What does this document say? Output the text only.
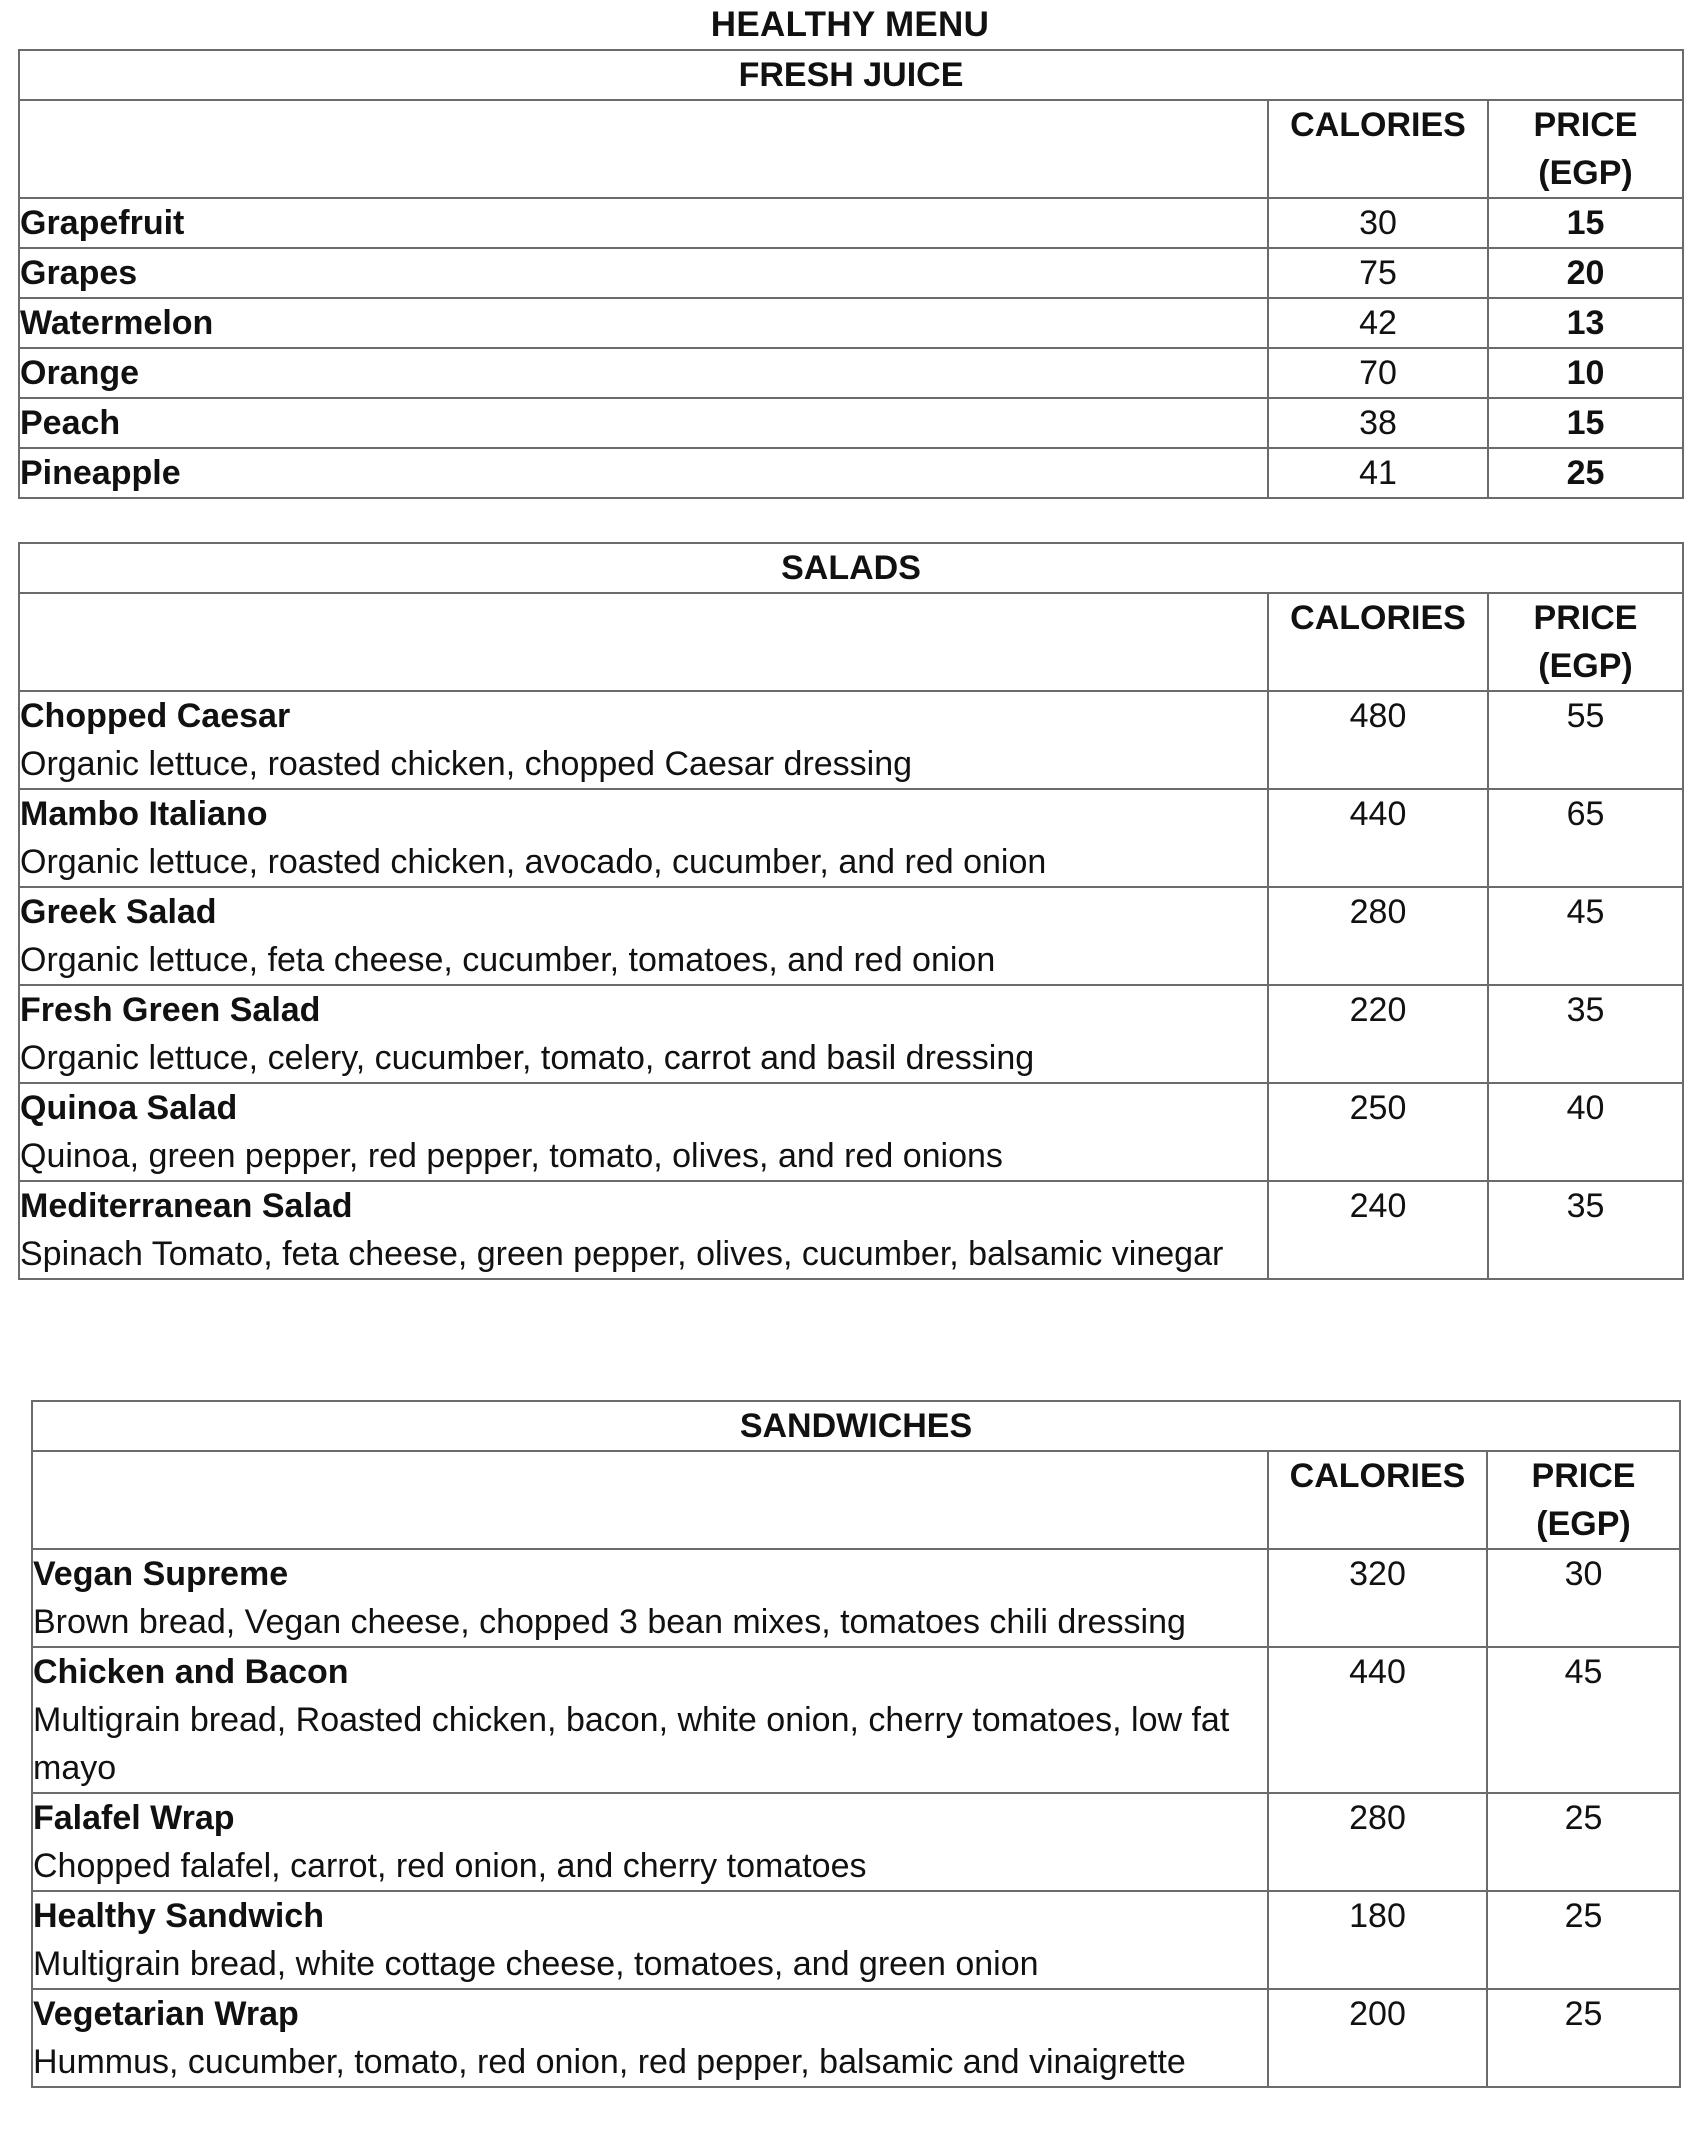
HEALTHY MENU
FRESH JUICE		
	CALORIES	PRICE
(EGP)
Grapefruit	30	15
Grapes	75	20
Watermelon	42	13
Orange	70	10
Peach	38	15
Pineapple	41	25
SALADS		
	CALORIES	PRICE
(EGP)

Chopped Caesar
Organic lettuce, roasted chicken, chopped Caesar dressing	480	55

Mambo Italiano
Organic lettuce, roasted chicken, avocado, cucumber, and red onion	440	65

Greek Salad
Organic lettuce, feta cheese, cucumber, tomatoes, and red onion	280	45

Fresh Green Salad
Organic lettuce, celery, cucumber, tomato, carrot and basil dressing	220	35

Quinoa Salad
Quinoa, green pepper, red pepper, tomato, olives, and red onions	250	40

Mediterranean Salad
Spinach Tomato, feta cheese, green pepper, olives, cucumber, balsamic vinegar	240	35
SANDWICHES		
	CALORIES	PRICE
(EGP)

Vegan Supreme
Brown bread, Vegan cheese, chopped 3 bean mixes, tomatoes chili dressing	320	30

Chicken and Bacon
Multigrain bread, Roasted chicken, bacon, white onion, cherry tomatoes, low fat mayo	440	45

Falafel Wrap
Chopped falafel, carrot, red onion, and cherry tomatoes	280	25

Healthy Sandwich
Multigrain bread, white cottage cheese, tomatoes, and green onion	180	25

Vegetarian Wrap
Hummus, cucumber, tomato, red onion, red pepper, balsamic and vinaigrette	200	25
